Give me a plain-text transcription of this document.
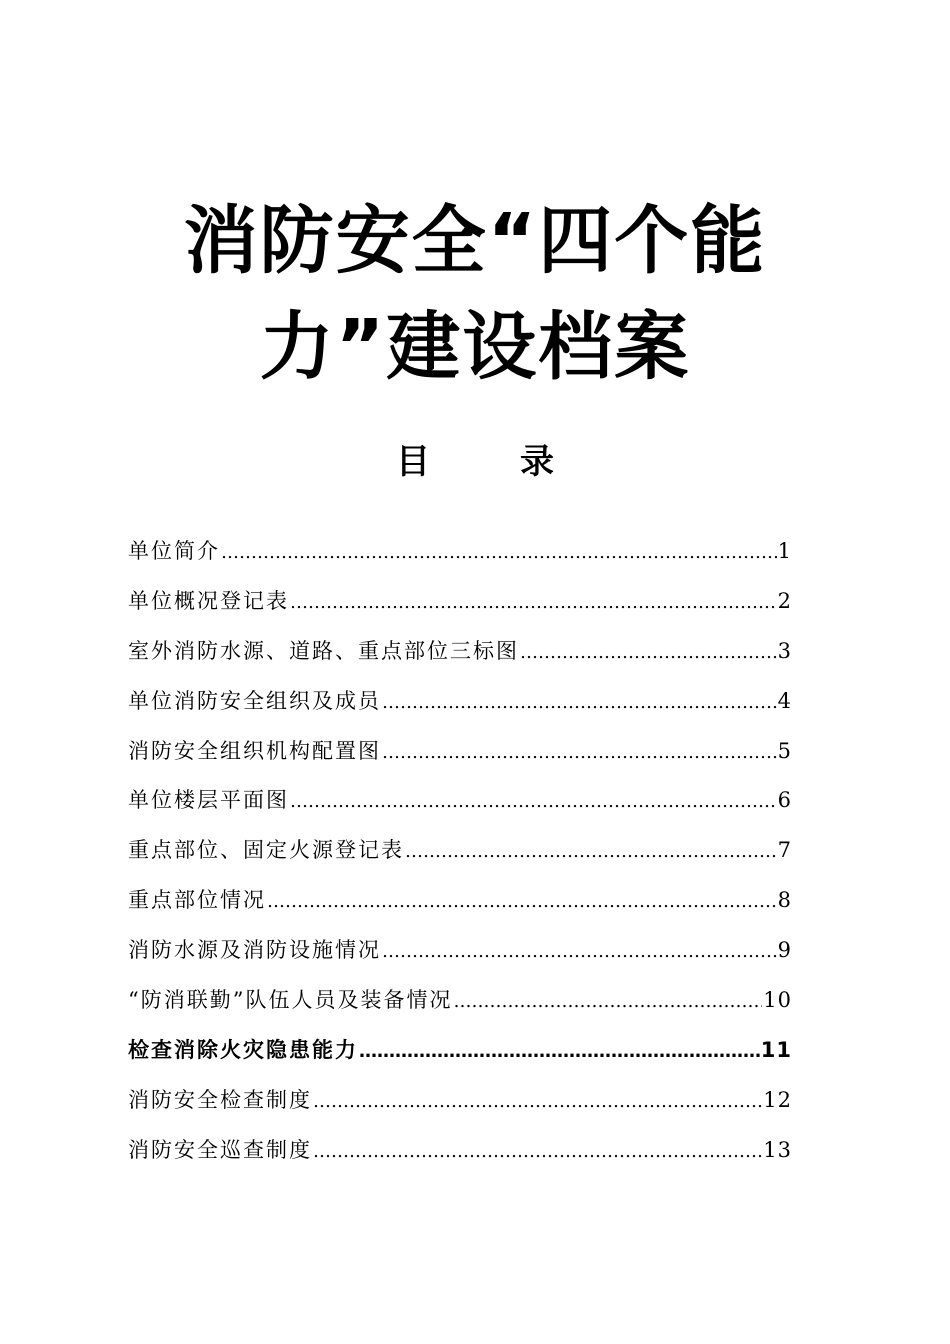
消防安全“四个能
力”建设档案
目	录
单位简介 …………………………………………………………………………………………………………………………	1
单位概况登记表 …………………………………………………………………………………………………………………………	2
室外消防水源、道路、重点部位三标图 …………………………………………………………………………………………………………………………	3
单位消防安全组织及成员 …………………………………………………………………………………………………………………………	4
消防安全组织机构配置图 …………………………………………………………………………………………………………………………	5
单位楼层平面图 …………………………………………………………………………………………………………………………	6
重点部位、固定火源登记表 …………………………………………………………………………………………………………………………	7
重点部位情况 …………………………………………………………………………………………………………………………	8
消防水源及消防设施情况 …………………………………………………………………………………………………………………………	9
“防消联勤”队伍人员及装备情况 …………………………………………………………………………………………………………………………	10
检查消除火灾隐患能力 …………………………………………………………………………………………………………………………	11
消防安全检查制度 …………………………………………………………………………………………………………………………	12
消防安全巡查制度 …………………………………………………………………………………………………………………………	13
